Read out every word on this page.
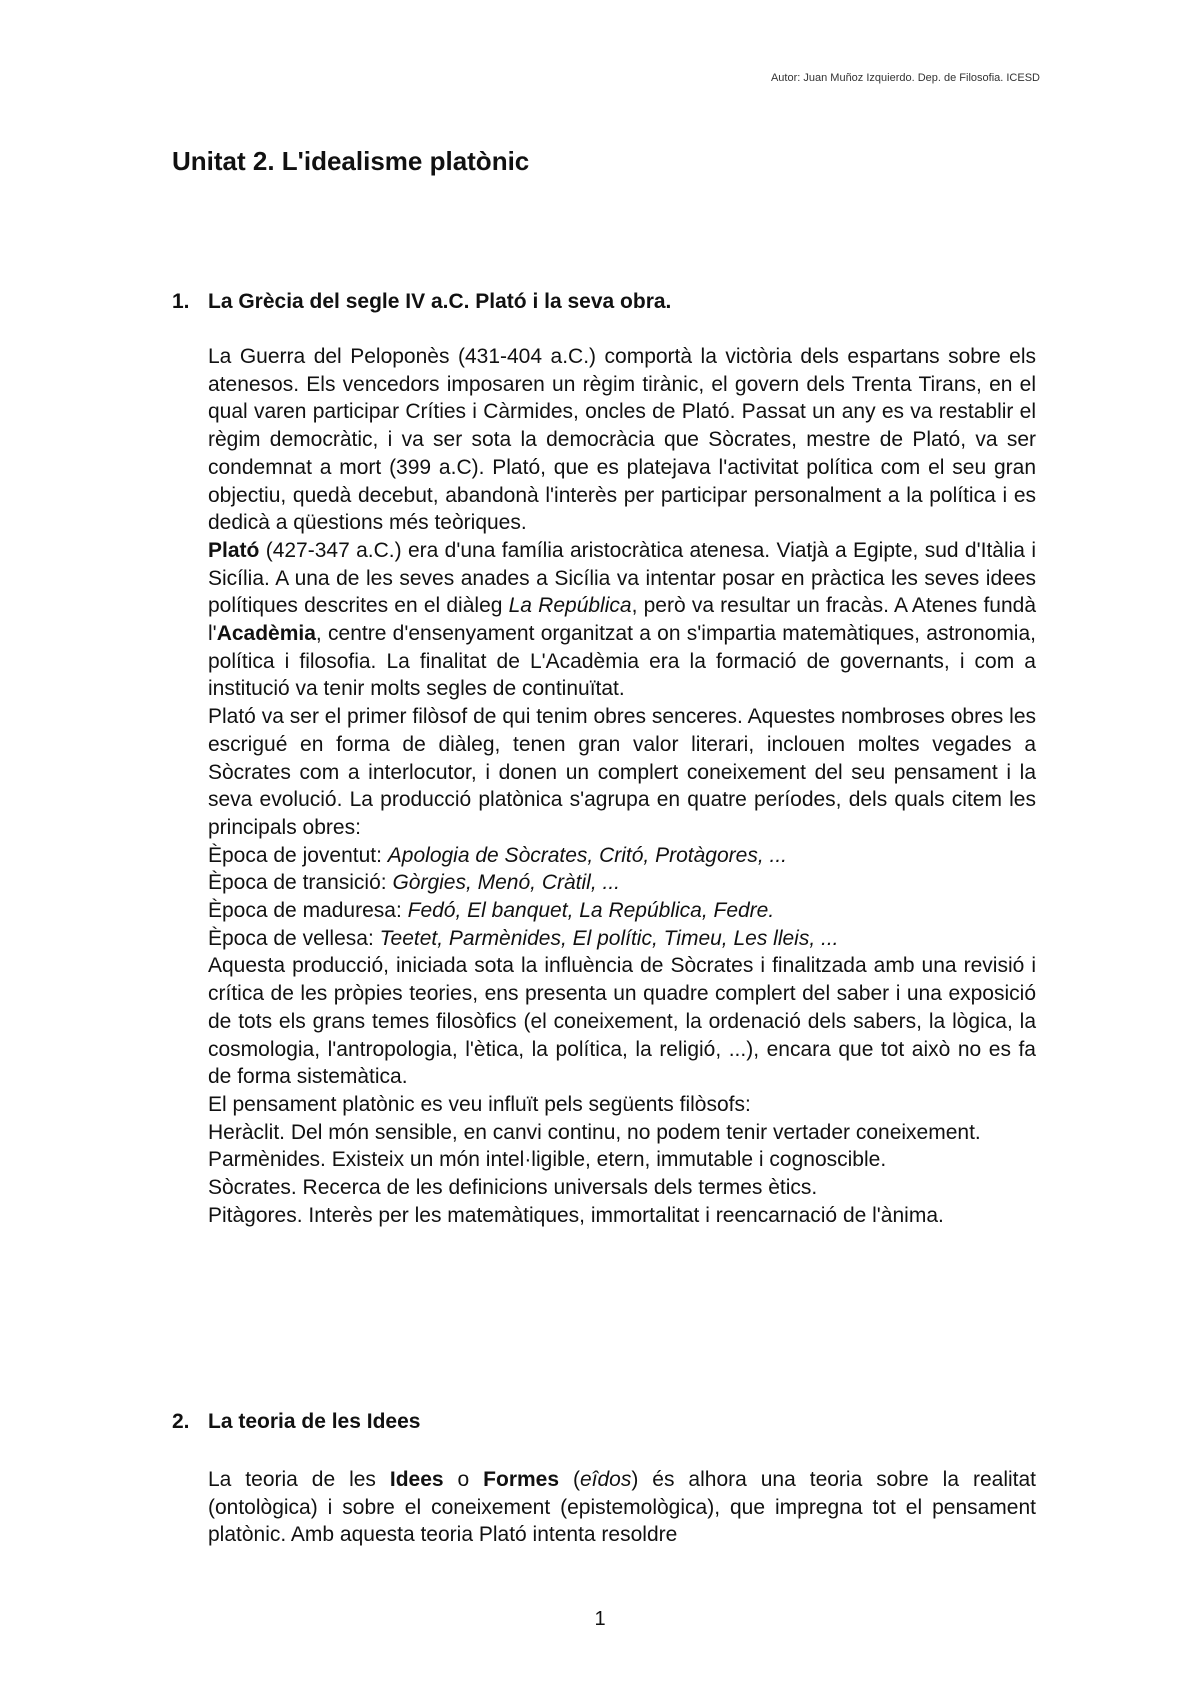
Autor: Juan Muñoz Izquierdo. Dep. de Filosofia. ICESD
Unitat 2. L'idealisme platònic
1. La Grècia del segle IV a.C. Plató i la seva obra.

La Guerra del Peloponès (431-404 a.C.) comportà la victòria dels espartans sobre els atenesos. Els vencedors imposaren un règim tirànic, el govern dels Trenta Tirans, en el qual varen participar Críties i Càrmides, oncles de Plató. Passat un any es va restablir el règim democràtic, i va ser sota la democràcia que Sòcrates, mestre de Plató, va ser condemnat a mort (399 a.C). Plató, que es platejava l'activitat política com el seu gran objectiu, quedà decebut, abandonà l'interès per participar personalment a la política i es dedicà a qüestions més teòriques.

Plató (427-347 a.C.) era d'una família aristocràtica atenesa. Viatjà a Egipte, sud d'Itàlia i Sicília. A una de les seves anades a Sicília va intentar posar en pràctica les seves idees polítiques descrites en el diàleg La República, però va resultar un fracàs. A Atenes fundà l'Acadèmia, centre d'ensenyament organitzat a on s'impartia matemàtiques, astronomia, política i filosofia. La finalitat de L'Acadèmia era la formació de governants, i com a institució va tenir molts segles de continuïtat.

Plató va ser el primer filòsof de qui tenim obres senceres. Aquestes nombroses obres les escrigué en forma de diàleg, tenen gran valor literari, inclouen moltes vegades a Sòcrates com a interlocutor, i donen un complert coneixement del seu pensament i la seva evolució. La producció platònica s'agrupa en quatre períodes, dels quals citem les principals obres:

Època de joventut: Apologia de Sòcrates, Critó, Protàgores, ...

Època de transició: Gòrgies, Menó, Cràtil, ...

Època de maduresa: Fedó, El banquet, La República, Fedre.

Època de vellesa: Teetet, Parmènides, El polític, Timeu, Les lleis, ...

Aquesta producció, iniciada sota la influència de Sòcrates i finalitzada amb una revisió i crítica de les pròpies teories, ens presenta un quadre complert del saber i una exposició de tots els grans temes filosòfics (el coneixement, la ordenació dels sabers, la lògica, la cosmologia, l'antropologia, l'ètica, la política, la religió, ...), encara que tot això no es fa de forma sistemàtica.

El pensament platònic es veu influït pels següents filòsofs:

Heràclit. Del món sensible, en canvi continu, no podem tenir vertader coneixement.

Parmènides. Existeix un món intel·ligible, etern, immutable i cognoscible.

Sòcrates. Recerca de les definicions universals dels termes ètics.

Pitàgores. Interès per les matemàtiques, immortalitat i reencarnació de l'ànima.

2. La teoria de les Idees

La teoria de les Idees o Formes (eîdos) és alhora una teoria sobre la realitat (ontològica) i sobre el coneixement (epistemològica), que impregna tot el pensament platònic. Amb aquesta teoria Plató intenta resoldre

1
